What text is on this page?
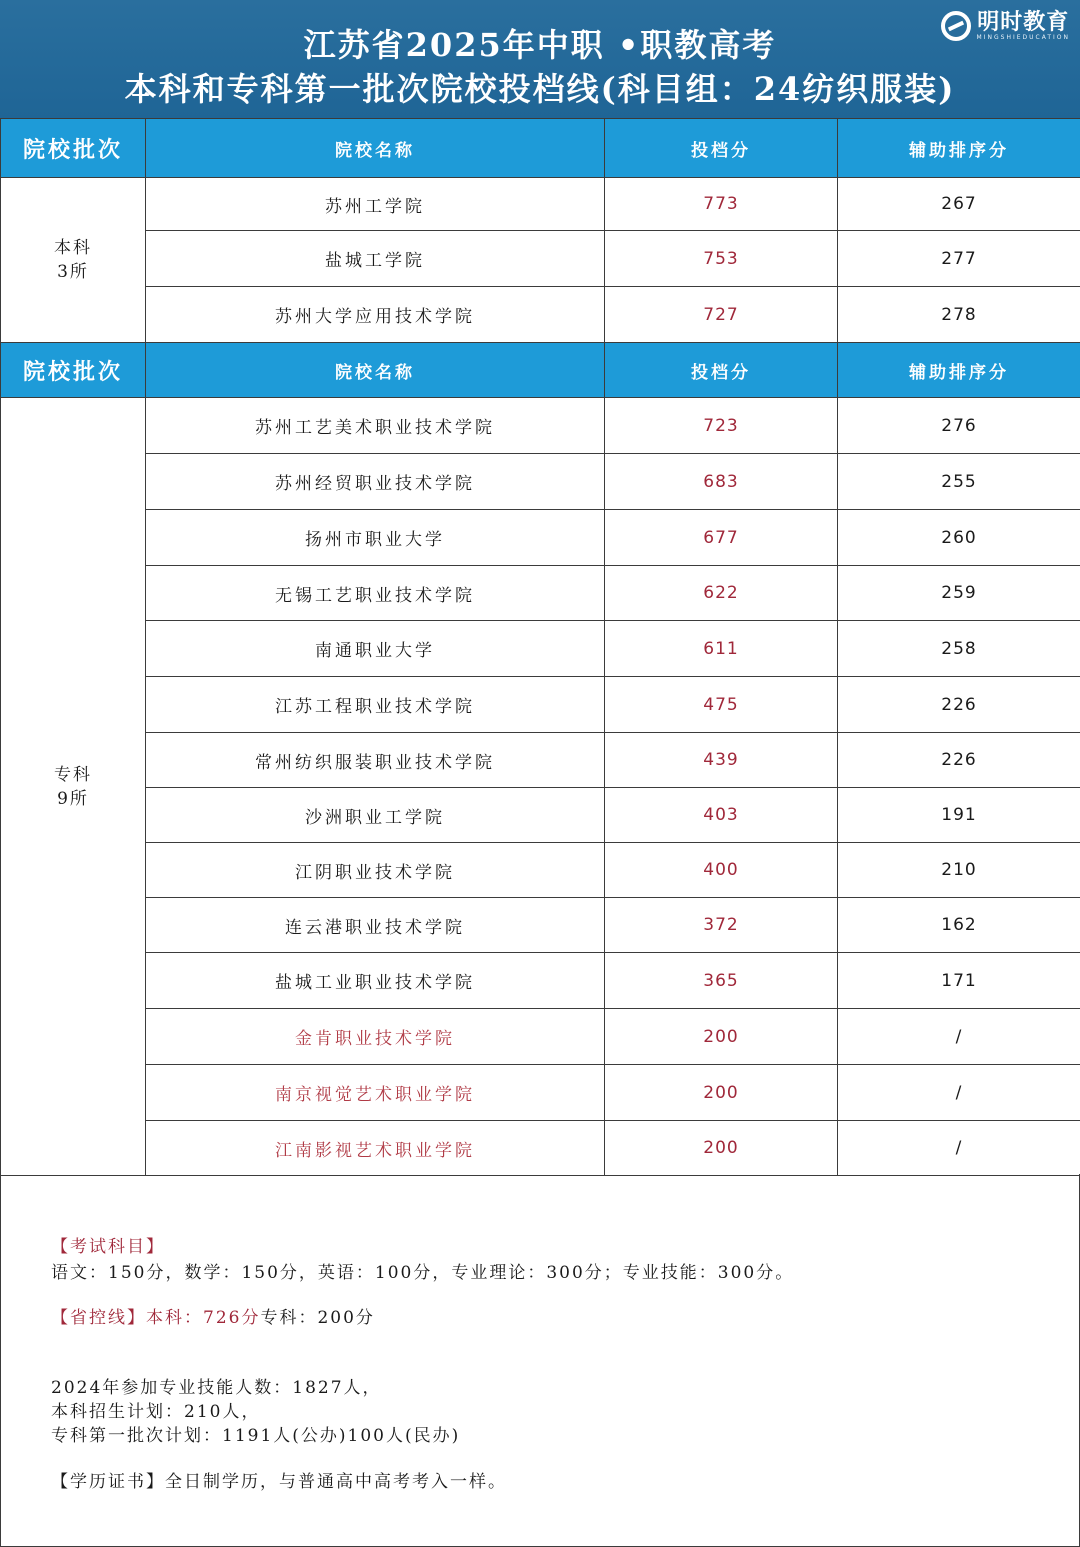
江苏省2025年中职 •职教高考
本科和专科第一批次院校投档线(科目组：24纺织服装)
明时教育
MINGSHIEDUCATION
院校批次	院校名称	投档分	辅助排序分

本科
3所	苏州工学院	773	267
	盐城工学院	753	277
	苏州大学应用技术学院	727	278
院校批次	院校名称	投档分	辅助排序分

专科
9所	苏州工艺美术职业技术学院	723	276
	苏州经贸职业技术学院	683	255
	扬州市职业大学	677	260
	无锡工艺职业技术学院	622	259
	南通职业大学	611	258
	江苏工程职业技术学院	475	226
	常州纺织服装职业技术学院	439	226
	沙洲职业工学院	403	191
	江阴职业技术学院	400	210
	连云港职业技术学院	372	162
	盐城工业职业技术学院	365	171
	金肯职业技术学院	200	/
	南京视觉艺术职业学院	200	/
	江南影视艺术职业学院	200	/
【考试科目】
语文：150分，数学：150分，英语：100分，专业理论：300分；专业技能：300分。
【省控线】本科：726分专科：200分
2024年参加专业技能人数：1827人，
本科招生计划：210人，
专科第一批次计划：1191人(公办)100人(民办)
【学历证书】全日制学历，与普通高中高考考入一样。
